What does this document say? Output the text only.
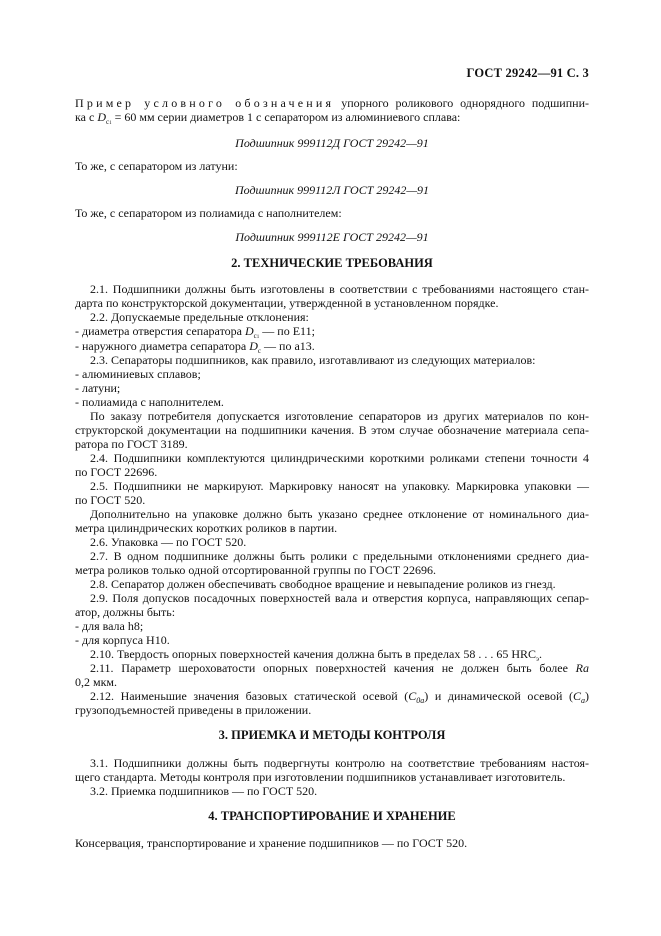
ГОСТ 29242—91 С. 3
Пример условного обозначения упорного роликового однорядного подшипни-
ка с $D_{c1} = 60$ мм серии диаметров 1 с сепаратором из алюминиевого сплава:
Подшипник 999112Д ГОСТ 29242—91
То же, с сепаратором из латуни:
Подшипник 999112Л ГОСТ 29242—91
То же, с сепаратором из полиамида с наполнителем:
Подшипник 999112Е ГОСТ 29242—91
2. ТЕХНИЧЕСКИЕ ТРЕБОВАНИЯ
2.1. Подшипники должны быть изготовлены в соответствии с требованиями настоящего стан-
дарта по конструкторской документации, утвержденной в установленном порядке.
2.2. Допускаемые предельные отклонения:
- диаметра отверстия сепаратора $D_{c1}$ — по E11;
- наружного диаметра сепаратора $D_c$ — по a13.
2.3. Сепараторы подшипников, как правило, изготавливают из следующих материалов:
- алюминиевых сплавов;
- латуни;
- полиамида с наполнителем.
По заказу потребителя допускается изготовление сепараторов из других материалов по кон-
структорской документации на подшипники качения. В этом случае обозначение материала сепа-
ратора по ГОСТ 3189.
2.4. Подшипники комплектуются цилиндрическими короткими роликами степени точности 4
по ГОСТ 22696.
2.5. Подшипники не маркируют. Маркировку наносят на упаковку. Маркировка упаковки —
по ГОСТ 520.
Дополнительно на упаковке должно быть указано среднее отклонение от номинального диа-
метра цилиндрических коротких роликов в партии.
2.6. Упаковка — по ГОСТ 520.
2.7. В одном подшипнике должны быть ролики с предельными отклонениями среднего диа-
метра роликов только одной отсортированной группы по ГОСТ 22696.
2.8. Сепаратор должен обеспечивать свободное вращение и невыпадение роликов из гнезд.
2.9. Поля допусков посадочных поверхностей вала и отверстия корпуса, направляющих сепар-
атор, должны быть:
- для вала h8;
- для корпуса H10.
2.10. Твердость опорных поверхностей качения должна быть в пределах 58 . . . 65 $HRC_э$.
2.11. Параметр шероховатости опорных поверхностей качения не должен быть более Ra
0,2 мкм.
2.12. Наименьшие значения базовых статической осевой $(C_{0a})$ и динамической осевой $(C_a)$
грузоподъемностей приведены в приложении.
3. ПРИЕМКА И МЕТОДЫ КОНТРОЛЯ
3.1. Подшипники должны быть подвергнуты контролю на соответствие требованиям настоя-
щего стандарта. Методы контроля при изготовлении подшипников устанавливает изготовитель.
3.2. Приемка подшипников — по ГОСТ 520.
4. ТРАНСПОРТИРОВАНИЕ И ХРАНЕНИЕ
Консервация, транспортирование и хранение подшипников — по ГОСТ 520.
